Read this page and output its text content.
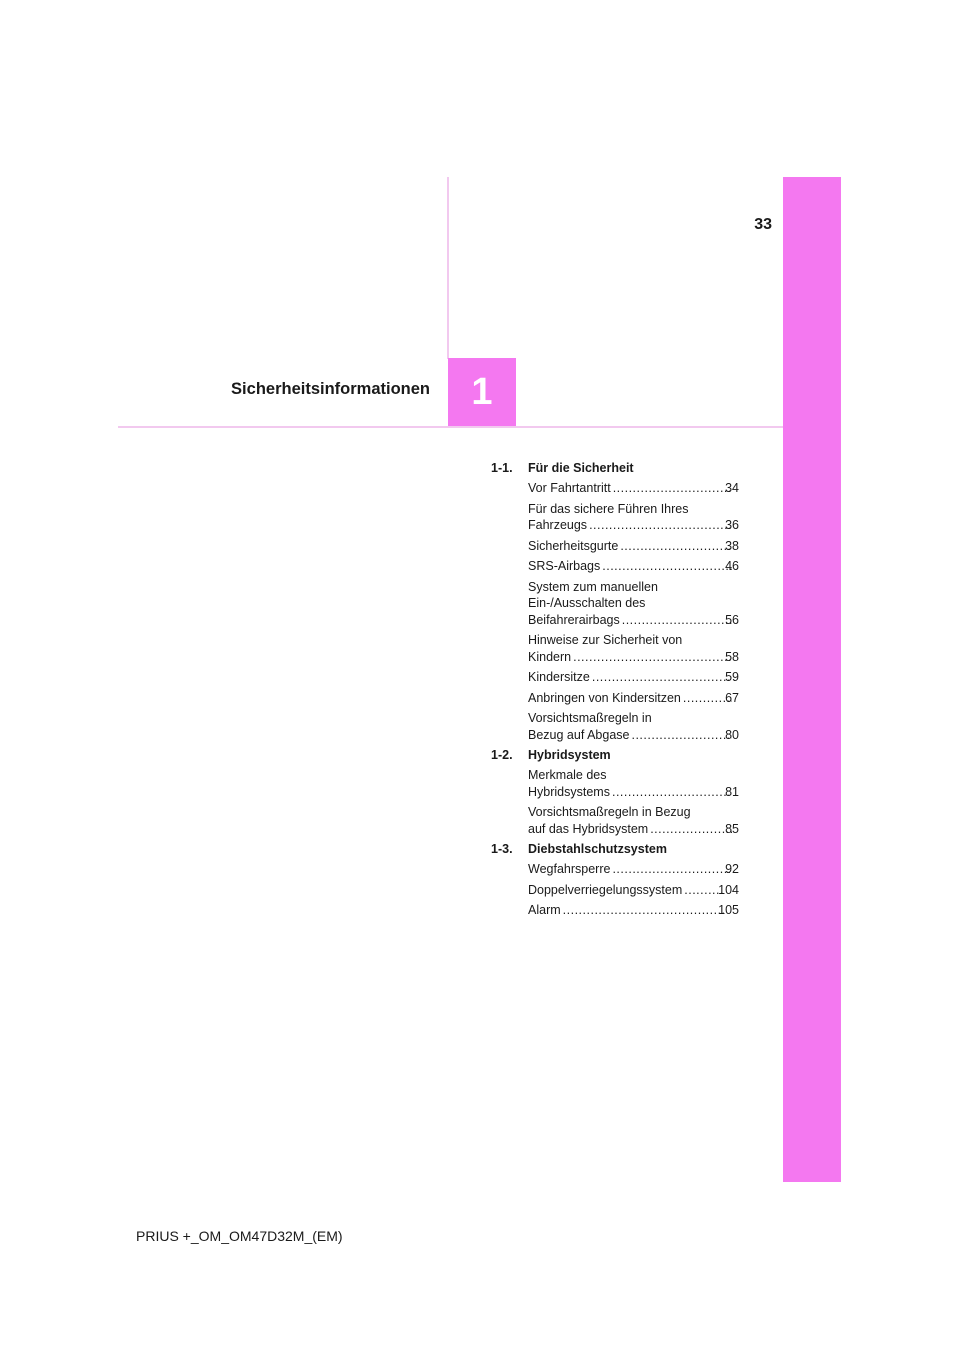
33
Sicherheitsinformationen 1
1-1.	Für die Sicherheit
Vor Fahrtantritt .....	34
Für das sichere Führen Ihres
Fahrzeugs .....	36
Sicherheitsgurte .....	38
SRS-Airbags .....	46
System zum manuellen
Ein-/Ausschalten des
Beifahrerairbags .....	56
Hinweise zur Sicherheit von
Kindern .....	58
Kindersitze .....	59
Anbringen von Kindersitzen .....	67
Vorsichtsmaßregeln in
Bezug auf Abgase .....	80
1-2.	Hybridsystem
Merkmale des
Hybridsystems .....	81
Vorsichtsmaßregeln in Bezug
auf das Hybridsystem .....	85
1-3.	Diebstahlschutzsystem
Wegfahrsperre .....	92
Doppelverriegelungssystem .....	104
Alarm .....	105
PRIUS +_OM_OM47D32M_(EM)
